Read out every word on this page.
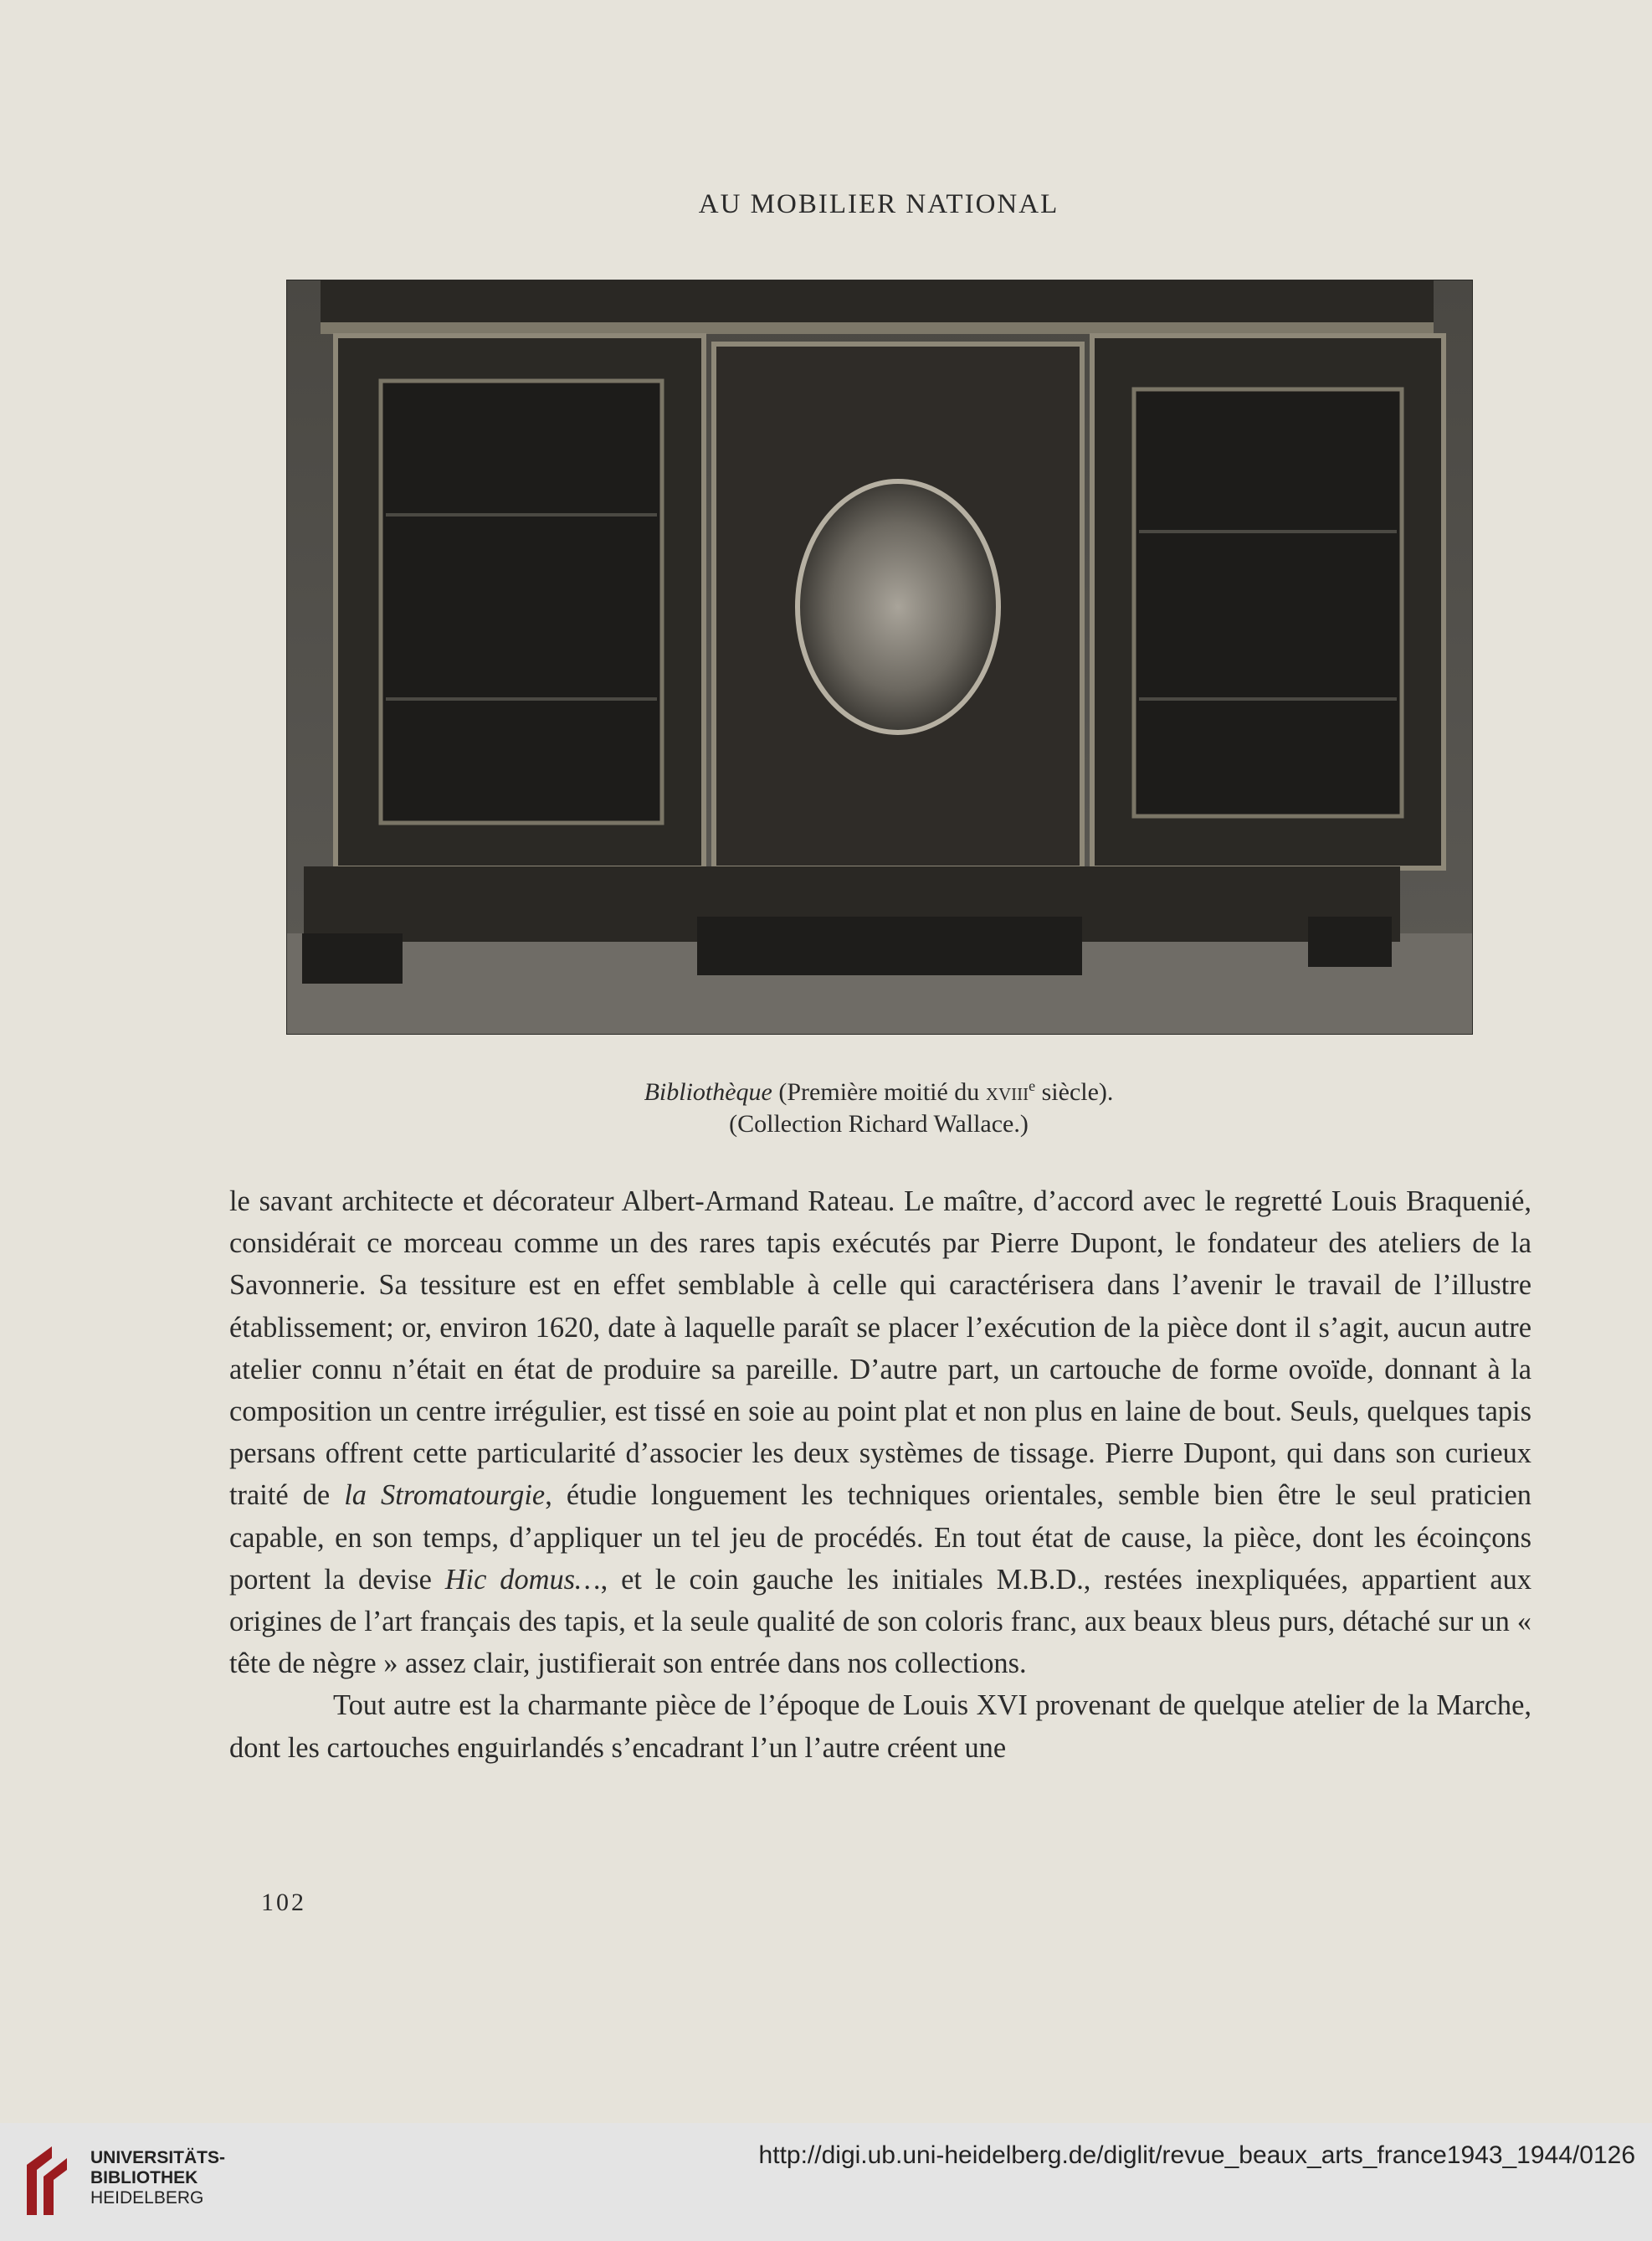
AU MOBILIER NATIONAL
Bibliothèque (Première moitié du xviii$^e$ siècle).
(Collection Richard Wallace.)

le savant architecte et décorateur Albert-Armand Rateau. Le maître, d’accord avec le regretté Louis Braquenié, considérait ce morceau comme un des rares tapis exécutés par Pierre Dupont, le fondateur des ateliers de la Savonnerie. Sa tessiture est en effet semblable à celle qui caractérisera dans l’avenir le travail de l’illustre établissement; or, environ 1620, date à laquelle paraît se placer l’exécution de la pièce dont il s’agit, aucun autre atelier connu n’était en état de produire sa pareille. D’autre part, un cartouche de forme ovoïde, donnant à la composition un centre irrégulier, est tissé en soie au point plat et non plus en laine de bout. Seuls, quelques tapis persans offrent cette particularité d’associer les deux systèmes de tissage. Pierre Dupont, qui dans son curieux traité de la Stromatourgie, étudie longuement les techniques orientales, semble bien être le seul praticien capable, en son temps, d’appliquer un tel jeu de procédés. En tout état de cause, la pièce, dont les écoinçons portent la devise Hic domus…, et le coin gauche les initiales M.B.D., restées inexpliquées, appartient aux origines de l’art français des tapis, et la seule qualité de son coloris franc, aux beaux bleus purs, détaché sur un « tête de nègre » assez clair, justifierait son entrée dans nos collections.

Tout autre est la charmante pièce de l’époque de Louis XVI provenant de quelque atelier de la Marche, dont les cartouches enguirlandés s’encadrant l’un l’autre créent une

102
UNIVERSITÄTS-
BIBLIOTHEK
HEIDELBERG
http://digi.ub.uni-heidelberg.de/diglit/revue_beaux_arts_france1943_1944/0126
